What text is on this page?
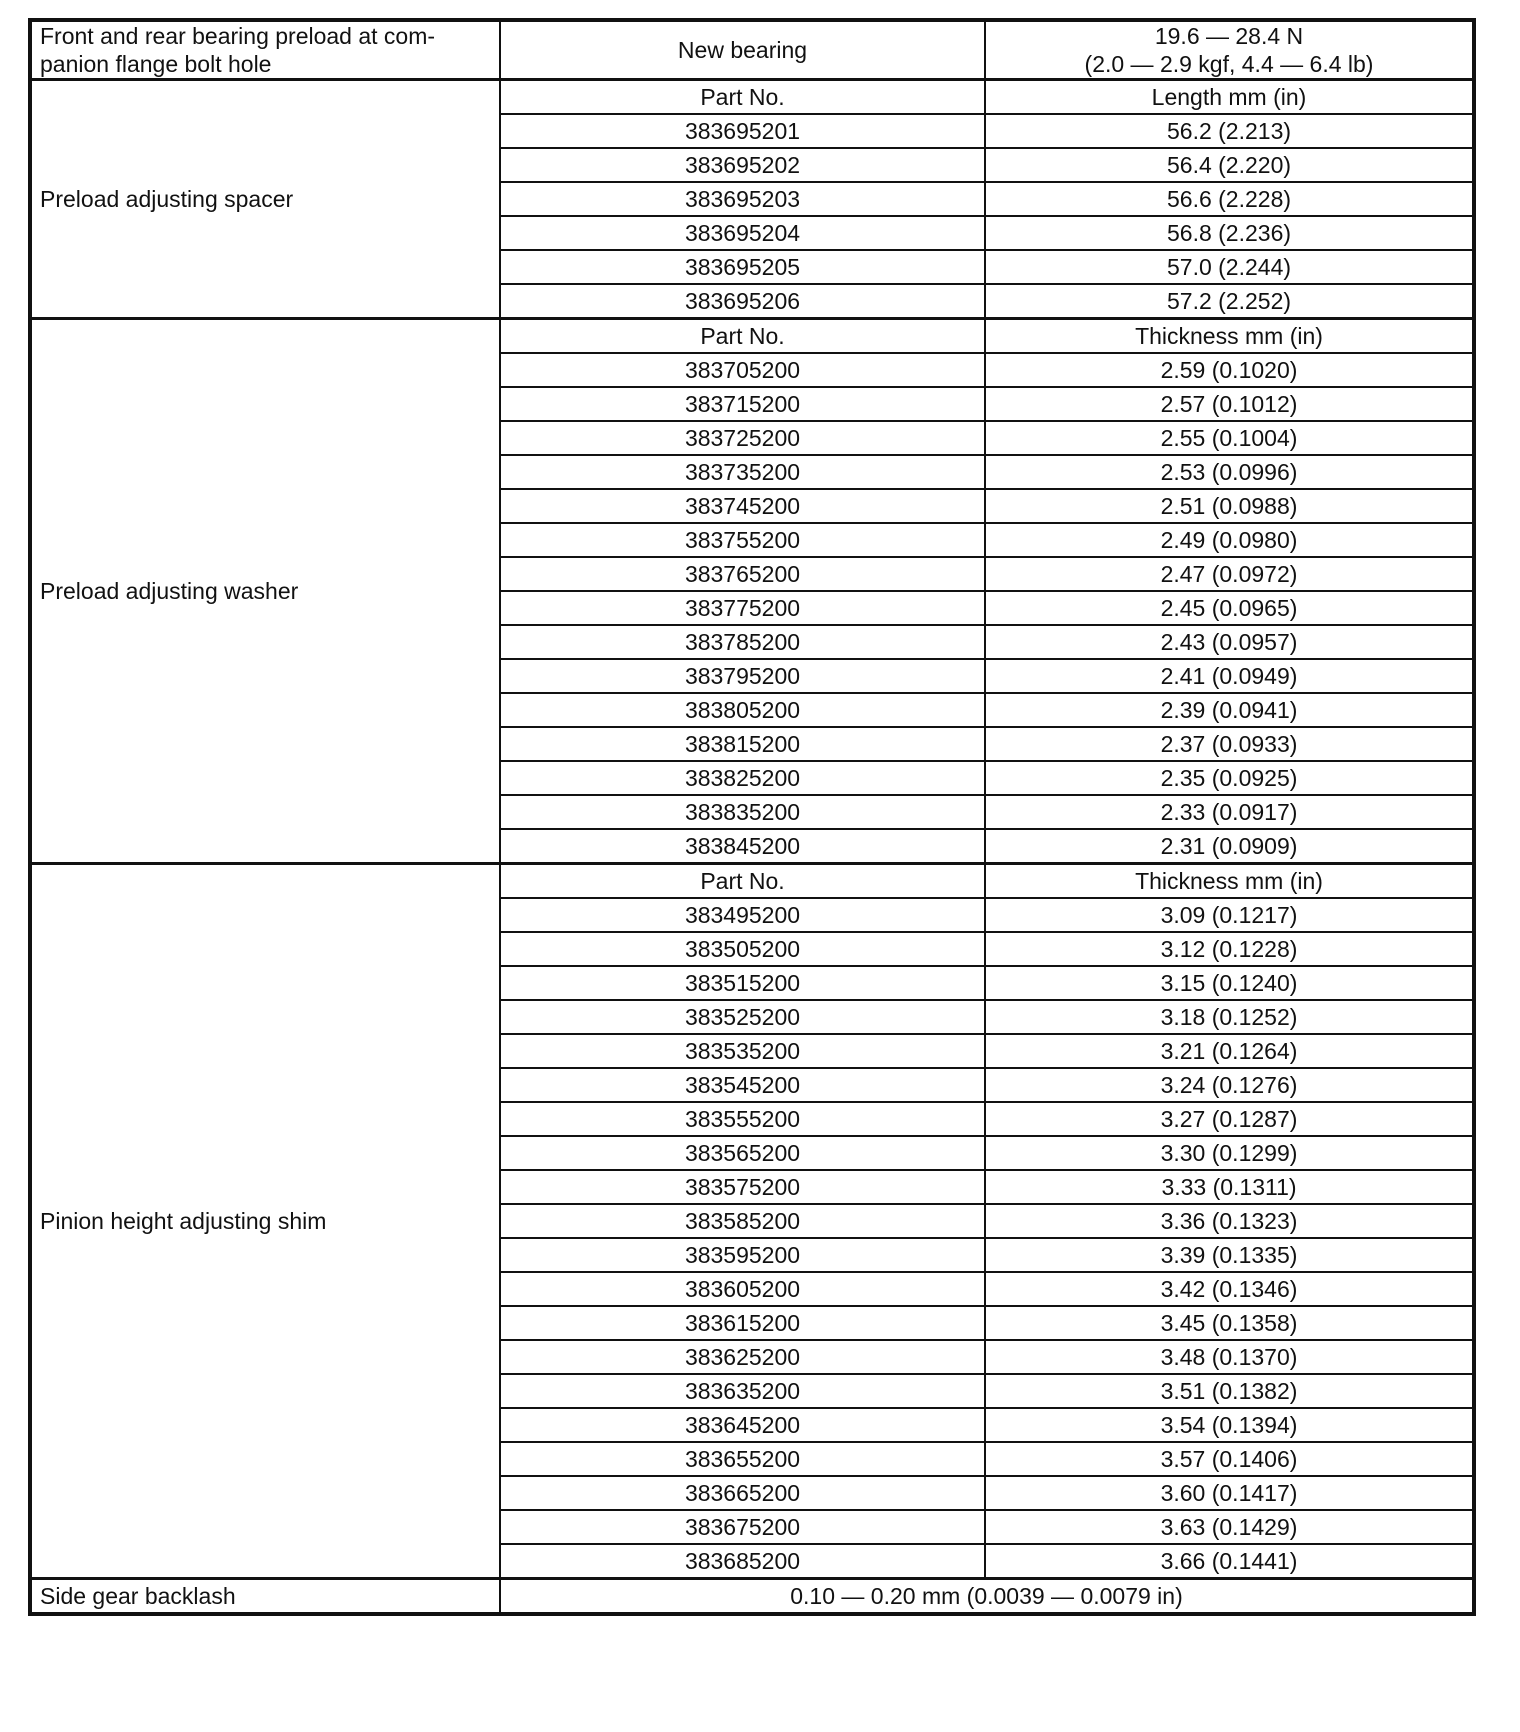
Front and rear bearing preload at com-
panion flange bolt hole	New bearing	19.6 — 28.4 N
(2.0 — 2.9 kgf, 4.4 — 6.4 lb)

Preload adjusting spacer	Part No.	Length mm (in)
	383695201	56.2 (2.213)
	383695202	56.4 (2.220)
	383695203	56.6 (2.228)
	383695204	56.8 (2.236)
	383695205	57.0 (2.244)
	383695206	57.2 (2.252)
Preload adjusting washer	Part No.	Thickness mm (in)
	383705200	2.59 (0.1020)
	383715200	2.57 (0.1012)
	383725200	2.55 (0.1004)
	383735200	2.53 (0.0996)
	383745200	2.51 (0.0988)
	383755200	2.49 (0.0980)
	383765200	2.47 (0.0972)
	383775200	2.45 (0.0965)
	383785200	2.43 (0.0957)
	383795200	2.41 (0.0949)
	383805200	2.39 (0.0941)
	383815200	2.37 (0.0933)
	383825200	2.35 (0.0925)
	383835200	2.33 (0.0917)
	383845200	2.31 (0.0909)
Pinion height adjusting shim	Part No.	Thickness mm (in)
	383495200	3.09 (0.1217)
	383505200	3.12 (0.1228)
	383515200	3.15 (0.1240)
	383525200	3.18 (0.1252)
	383535200	3.21 (0.1264)
	383545200	3.24 (0.1276)
	383555200	3.27 (0.1287)
	383565200	3.30 (0.1299)
	383575200	3.33 (0.1311)
	383585200	3.36 (0.1323)
	383595200	3.39 (0.1335)
	383605200	3.42 (0.1346)
	383615200	3.45 (0.1358)
	383625200	3.48 (0.1370)
	383635200	3.51 (0.1382)
	383645200	3.54 (0.1394)
	383655200	3.57 (0.1406)
	383665200	3.60 (0.1417)
	383675200	3.63 (0.1429)
	383685200	3.66 (0.1441)
Side gear backlash	0.10 — 0.20 mm (0.0039 — 0.0079 in)	
